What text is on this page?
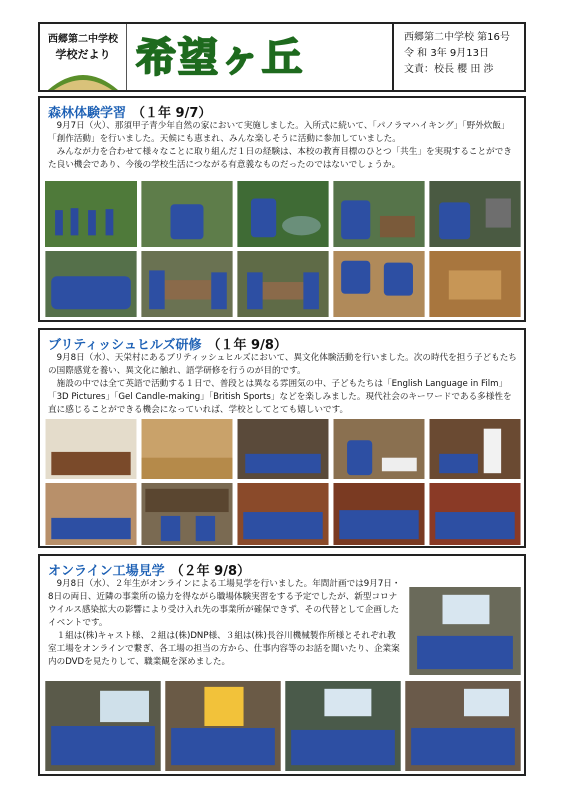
西郷第二中学校
学校だより 希望ヶ丘	西郷第二中学校 第16号
令 和 3年 9月13日
文責：校長 櫻 田 渉
森林体験学習 （１年 9/7）
　9月7日（火）、那須甲子青少年自然の家において実施しました。入所式に続いて、「パノラマハイキング」「野外炊飯」「創作活動」を行いました。天候にも恵まれ、みんな楽しそうに活動に参加していました。
　みんなが力を合わせて様々なことに取り組んだ１日の経験は、本校の教育目標のひとつ「共生」を実現することができた良い機会であり、今後の学校生活につながる有意義なものだったのではないでしょうか。
ブリティッシュヒルズ研修 （１年 9/8）
　9月8日（水）、天栄村にあるブリティッシュヒルズにおいて、異文化体験活動を行いました。次の時代を担う子どもたちの国際感覚を養い、異文化に触れ、語学研修を行うのが目的です。
　施設の中では全て英語で活動する１日で、普段とは異なる雰囲気の中、子どもたちは「English Language in Film」「3D Pictures」「Gel Candle-making」「British Sports」などを楽しみました。現代社会のキーワードである多様性を直に感じることができる機会になっていれば、学校としてとても嬉しいです。
オンライン工場見学 （２年 9/8）
　9月8日（水）、２年生がオンラインによる工場見学を行いました。年間計画では9月7日・8日の両日、近隣の事業所の協力を得ながら職場体験実習をする予定でしたが、新型コロナウイルス感染拡大の影響により受け入れ先の事業所が確保できず、その代替として企画したイベントです。
　１組は(株)キャスト様、２組は(株)DNP様、３組は(株)長谷川機械製作所様とそれぞれ教室工場をオンラインで繋ぎ、各工場の担当の方から、仕事内容等のお話を聞いたり、企業案内のDVDを見たりして、職業観を深めました。
